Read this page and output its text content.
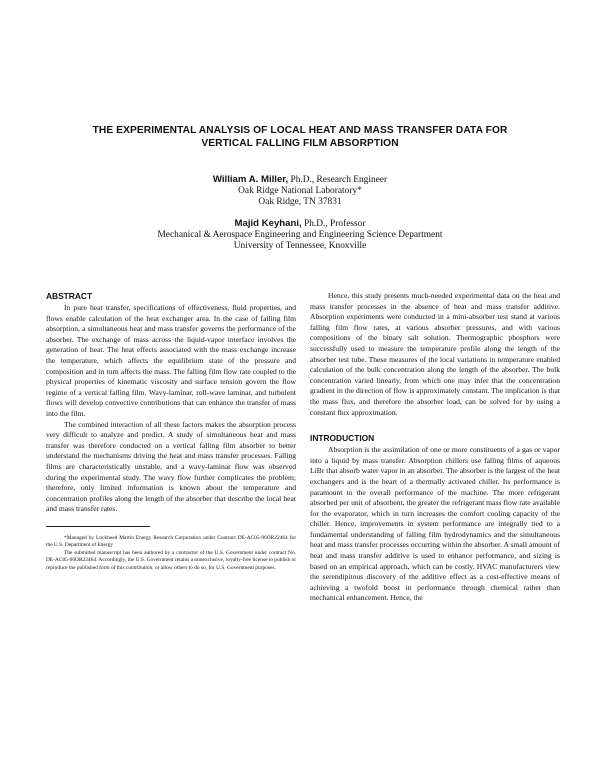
THE EXPERIMENTAL ANALYSIS OF LOCAL HEAT AND MASS TRANSFER DATA FOR
VERTICAL FALLING FILM ABSORPTION
William A. Miller, Ph.D., Research Engineer
Oak Ridge National Laboratory*
Oak Ridge, TN 37831
Majid Keyhani, Ph.D., Professor
Mechanical & Aerospace Engineering and Engineering Science Department
University of Tennessee, Knoxville
ABSTRACT

In pure heat transfer, specifications of effectiveness, fluid properties, and flows enable calculation of the heat exchanger area. In the case of falling film absorption, a simultaneous heat and mass transfer governs the performance of the absorber. The exchange of mass across the liquid-vapor interface involves the generation of heat. The heat effects associated with the mass exchange increase the temperature, which affects the equilibrium state of the pressure and composition and in turn affects the mass. The falling film flow rate coupled to the physical properties of kinematic viscosity and surface tension govern the flow regime of a vertical falling film. Wavy-laminar, roll-wave laminar, and turbulent flows will develop convective contributions that can enhance the transfer of mass into the film.

The combined interaction of all these factors makes the absorption process very difficult to analyze and predict. A study of simultaneous heat and mass transfer was therefore conducted on a vertical falling film absorber to better understand the mechanisms driving the heat and mass transfer processes. Falling films are characteristically unstable, and a wavy-laminar flow was observed during the experimental study. The wavy flow further complicates the problem; therefore, only limited information is known about the temperature and concentration profiles along the length of the absorber that describe the local heat and mass transfer rates.

*Managed by Lockheed Martin Energy Research Corporation under Contract DE-AC05-96OR22464 for the U.S. Department of Energy

The submitted manuscript has been authored by a contractor of the U.S. Government under contract No. DE-AC05-96OR22464. Accordingly, the U.S. Government retains a nonexclusive, royalty-free license to publish or reproduce the published form of this contribution, or allow others to do so, for U.S. Government purposes.

Hence, this study presents much-needed experimental data on the heat and mass transfer processes in the absence of heat and mass transfer additive. Absorption experiments were conducted in a mini-absorber test stand at various falling film flow rates, at various absorber pressures, and with various compositions of the binary salt solution. Thermographic phosphors were successfully used to measure the temperature profile along the length of the absorber test tube. These measures of the local variations in temperature enabled calculation of the bulk concentration along the length of the absorber. The bulk concentration varied linearly, from which one may infer that the concentration gradient in the direction of flow is approximately constant. The implication is that the mass flux, and therefore the absorber load, can be solved for by using a constant flux approximation.

INTRODUCTION

Absorption is the assimilation of one or more constituents of a gas or vapor into a liquid by mass transfer. Absorption chillers use falling films of aqueous LiBr that absorb water vapor in an absorber. The absorber is the largest of the heat exchangers and is the heart of a thermally activated chiller. Its performance is paramount to the overall performance of the machine. The more refrigerant absorbed per unit of absorbent, the greater the refrigerant mass flow rate available for the evaporator, which in turn increases the comfort cooling capacity of the chiller. Hence, improvements in system performance are integrally tied to a fundamental understanding of falling film hydrodynamics and the simultaneous heat and mass transfer processes occurring within the absorber. A small amount of heat and mass transfer additive is used to enhance performance, and sizing is based on an empirical approach, which can be costly. HVAC manufacturers view the serendipitous discovery of the additive effect as a cost-effective means of achieving a twofold boost in performance through chemical rather than mechanical enhancement. Hence, the
